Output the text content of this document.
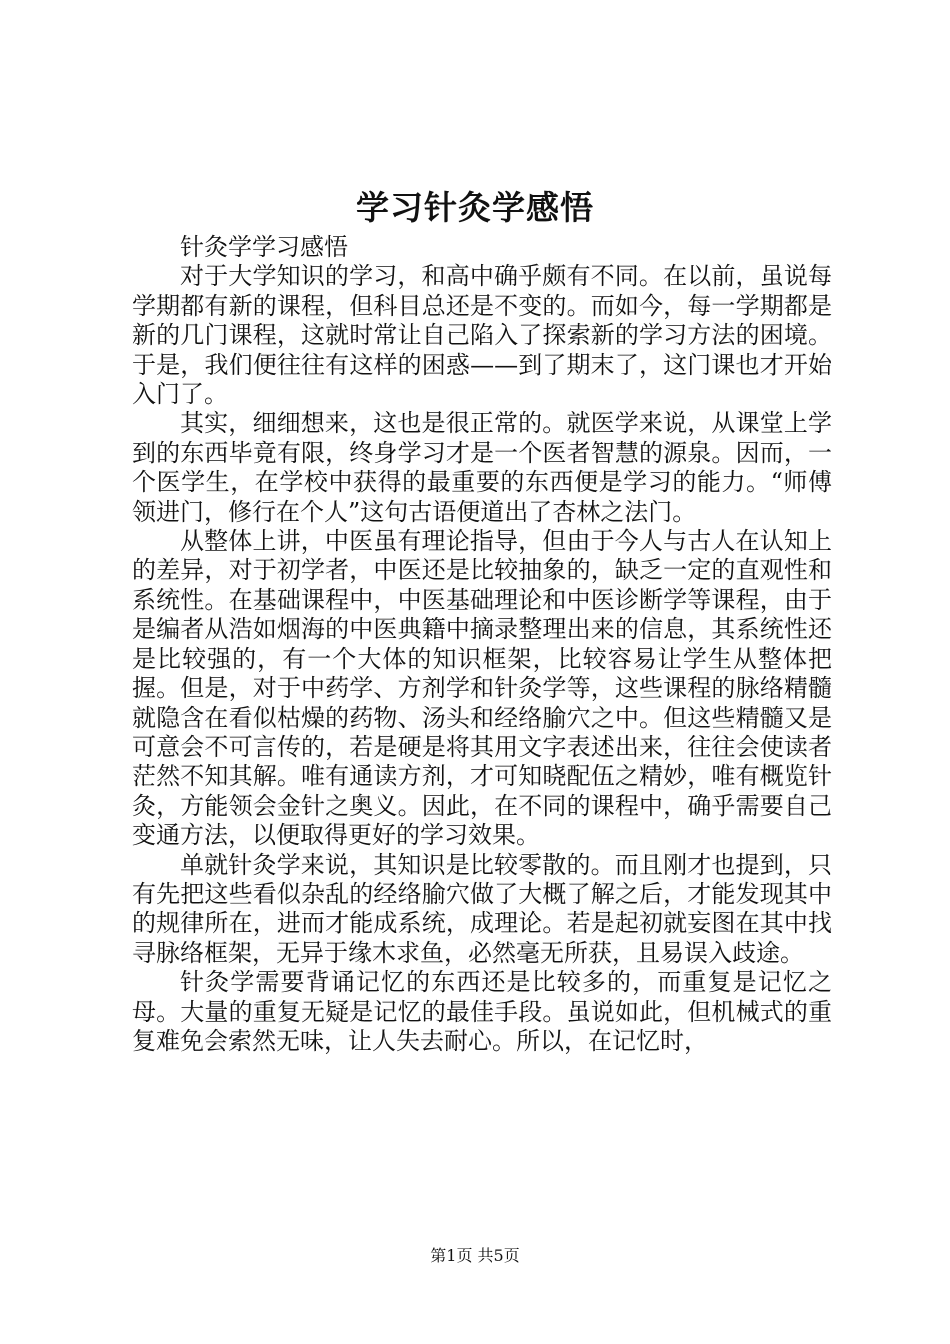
学习针灸学感悟

针灸学学习感悟

对于大学知识的学习，和高中确乎颇有不同。在以前，虽说每学期都有新的课程，但科目总还是不变的。而如今，每一学期都是新的几门课程，这就时常让自己陷入了探索新的学习方法的困境。于是，我们便往往有这样的困惑——到了期末了，这门课也才开始入门了。

其实，细细想来，这也是很正常的。就医学来说，从课堂上学到的东西毕竟有限，终身学习才是一个医者智慧的源泉。因而，一个医学生，在学校中获得的最重要的东西便是学习的能力。“师傅领进门，修行在个人”这句古语便道出了杏林之法门。

从整体上讲，中医虽有理论指导，但由于今人与古人在认知上的差异，对于初学者，中医还是比较抽象的，缺乏一定的直观性和系统性。在基础课程中，中医基础理论和中医诊断学等课程，由于是编者从浩如烟海的中医典籍中摘录整理出来的信息，其系统性还是比较强的，有一个大体的知识框架，比较容易让学生从整体把握。但是，对于中药学、方剂学和针灸学等，这些课程的脉络精髓就隐含在看似枯燥的药物、汤头和经络腧穴之中。但这些精髓又是可意会不可言传的，若是硬是将其用文字表述出来，往往会使读者茫然不知其解。唯有通读方剂，才可知晓配伍之精妙，唯有概览针灸，方能领会金针之奥义。因此，在不同的课程中，确乎需要自己变通方法，以便取得更好的学习效果。

单就针灸学来说，其知识是比较零散的。而且刚才也提到，只有先把这些看似杂乱的经络腧穴做了大概了解之后，才能发现其中的规律所在，进而才能成系统，成理论。若是起初就妄图在其中找寻脉络框架，无异于缘木求鱼，必然毫无所获，且易误入歧途。

针灸学需要背诵记忆的东西还是比较多的，而重复是记忆之母。大量的重复无疑是记忆的最佳手段。虽说如此，但机械式的重复难免会索然无味，让人失去耐心。所以，在记忆时，

第1页 共5页
